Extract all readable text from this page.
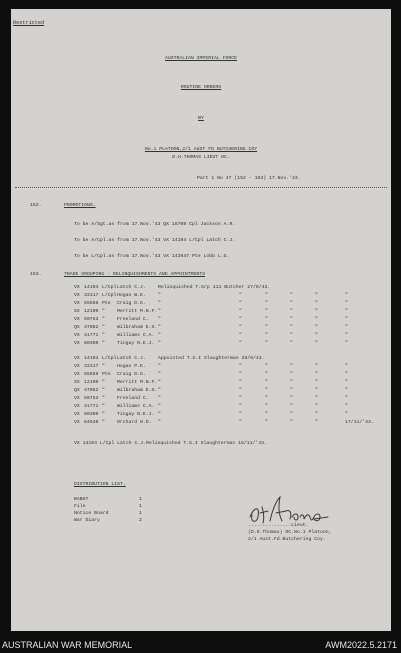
Restricted
AUSTRALIAN IMPERIAL FORCE
ROUTINE ORDERS
BY
No.1 PLATOON,2/1 AUST FD BUTCHERING COY
D.H.THOMAS LIEUT OC.
Part 1 No 47 (152 - 153) 17.Nov.'43.
152.	PROMOTIONS.
To be A/Sgt.as from 17.Nov.'43 QX 18709 Cpl Jackson A.R.
To be A/Cpl.as from 17.Nov.'43 VX 14104 L/Cpl Latch C.J.
To be L/Cpl.as from 17.Nov.'43 VX 143647 Pte Lobb L.G.
153.	TRADE GROUPING - RELINQUISHMENTS AND APPOINTMENTS
VX 14104 L/Cpl Latch C.J.	Relinquished T.Grp 111 Butcher 27/8/43.
VX 33117 L/Cpl Hogan W.E.	"	"	"	"	"	"
VX 55658 Pte Craig D.G.	"	"	"	"	"	"
SX 12190 "	Merritt M.N.F. "	"	"	"	"	"
VX 50753 "	Freeland C. "	"	"	"	"	"
QX 47062 "	Wilbraham E.S. "	"	"	"	"	"
VX 41771 "	Williams C.A. "	"	"	"	"	"
VX 80300 "	Tingay N.E.J. "	"	"	"	"	"
VX 14104 L/Cpl Latch C.J.	Appointed T.G.I Slaughterman 28/8/43.
VX 33117 "	Hogan P.E.	"	"	"	"	"	"
VX 55658 Pte Craig D.G.	"	"	"	"	"	"
SX 12190 "	Merritt M.N.F. "	"	"	"	"	"
QX 47062 "	Wilbraham E.S. "	"	"	"	"	"
VX 50753 "	Freeland C. "	"	"	"	"	"
VX 41771 "	Williams C.A. "	"	"	"	"	"
VX 80300 "	Tingay N.E.J. "	"	"	"	"	"
VX 64548 "	Orchard N.D. "	"	"	"	"	17/11/'43.
VX 14104 L/Cpl Latch C.J.Relinquished T.G.I Slaughterman 16/11/'43.
DISTRIBUTION LIST.
BABGT	1
File	1
Notice Board	1
War Diary	2
...............Lieut.
(D.H.Thomas) OC.No.1 Platoon,
2/1 Aust.Fd.Butchering Coy.
AUSTRALIAN WAR MEMORIAL	AWM2022.5.2171
